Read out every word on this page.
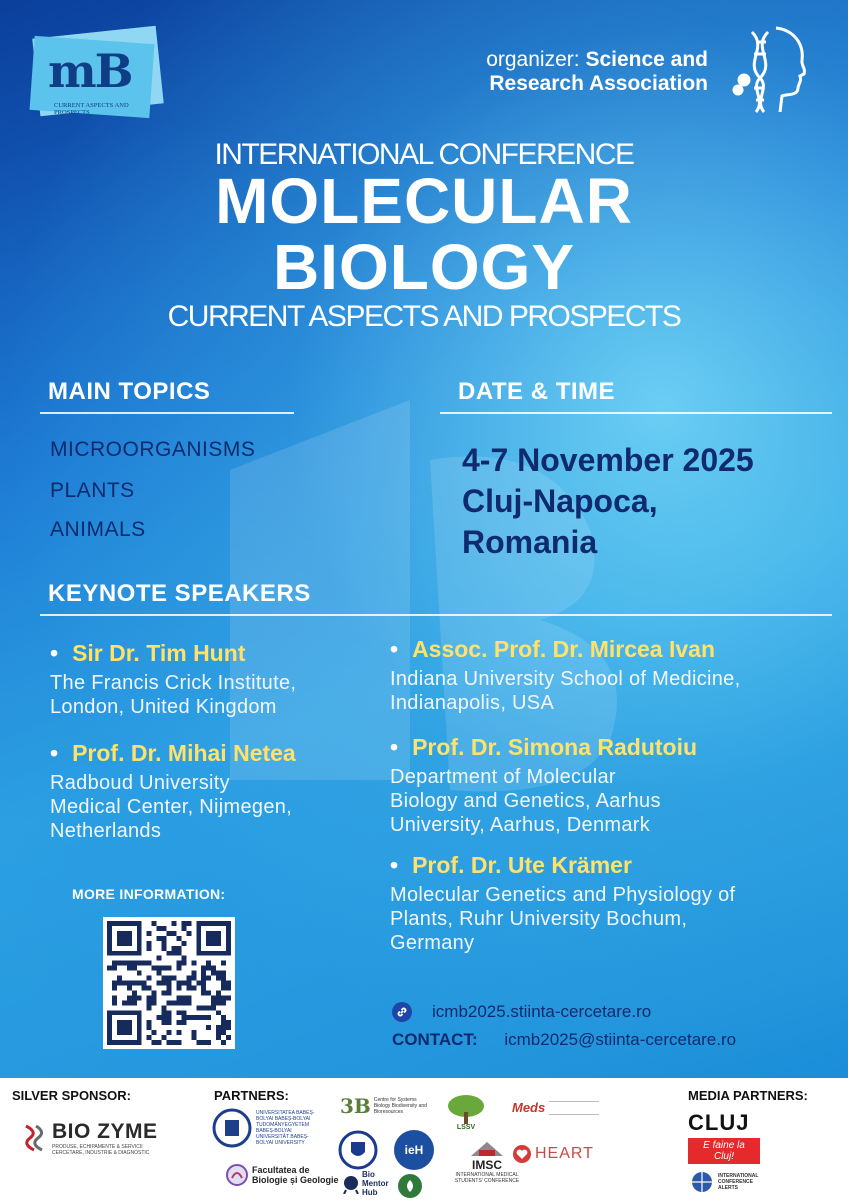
mB
CURRENT ASPECTS AND PROSPECTS
organizer: Science and
Research Association
INTERNATIONAL CONFERENCE
MOLECULAR
BIOLOGY
CURRENT ASPECTS AND PROSPECTS
MAIN TOPICS
MICROORGANISMS
PLANTS
ANIMALS
DATE & TIME
4-7 November 2025
Cluj-Napoca,
Romania
KEYNOTE SPEAKERS
• Sir Dr. Tim Hunt
The Francis Crick Institute,
London, United Kingdom
• Prof. Dr. Mihai Netea
Radboud University
Medical Center, Nijmegen,
Netherlands
• Assoc. Prof. Dr. Mircea Ivan
Indiana University School of Medicine,
Indianapolis, USA
• Prof. Dr. Simona Radutoiu
Department of Molecular
Biology and Genetics, Aarhus
University, Aarhus, Denmark
• Prof. Dr. Ute Krämer
Molecular Genetics and Physiology of
Plants, Ruhr University Bochum,
Germany
MORE INFORMATION:
icmb2025.stiinta-cercetare.ro
CONTACT: icmb2025@stiinta-cercetare.ro
SILVER SPONSOR:
BIO ZYME
PRODUSE, ECHIPAMENTE & SERVICII CERCETARE, INDUSTRIE & DIAGNOSTIC
PARTNERS:
UNIVERSITATEA BABEȘ-BOLYAI BABEȘ-BOLYAI TUDOMÁNYEGYETEM BABEȘ-BOLYAI UNIVERSITÄT BABEȘ-BOLYAI UNIVERSITY
3B Centre for Systems Biology Biodiversity and Bioresources
ieH
Facultatea de Biologie și Geologie
Bio Mentor Hub
LSSV
IMSC
INTERNATIONAL MEDICAL STUDENTS' CONFERENCE
Meds
HEART
MEDIA PARTNERS:
CLUJ
E faine la Cluj!
INTERNATIONAL CONFERENCE ALERTS
